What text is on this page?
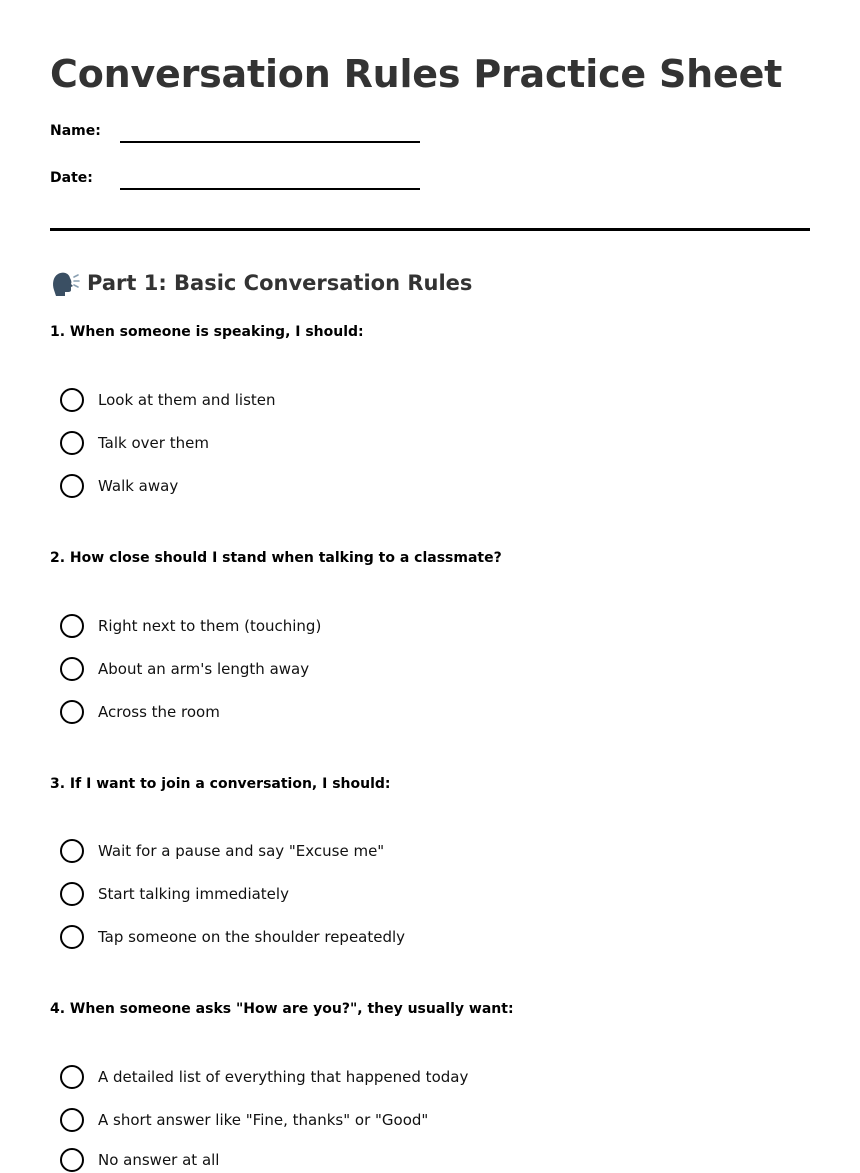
Conversation Rules Practice Sheet
Name:
Date:
Part 1: Basic Conversation Rules
1. When someone is speaking, I should:
Look at them and listen
Talk over them
Walk away
2. How close should I stand when talking to a classmate?
Right next to them (touching)
About an arm's length away
Across the room
3. If I want to join a conversation, I should:
Wait for a pause and say "Excuse me"
Start talking immediately
Tap someone on the shoulder repeatedly
4. When someone asks "How are you?", they usually want:
A detailed list of everything that happened today
A short answer like "Fine, thanks" or "Good"
No answer at all
